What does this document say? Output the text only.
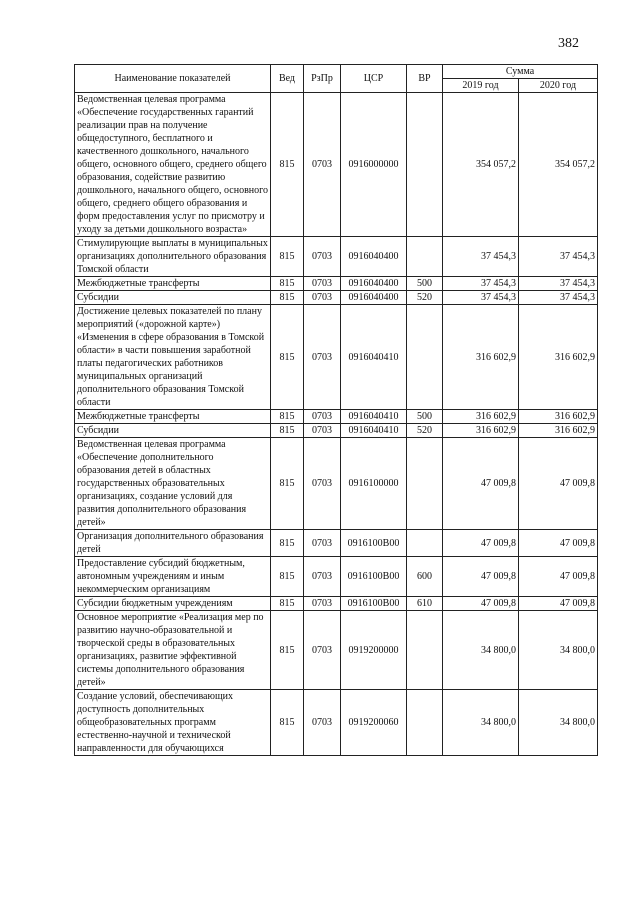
382
Наименование показателей	Вед	РзПр	ЦСР	ВР	Сумма	
					2019 год	2020 год
Ведомственная целевая программа «Обеспечение государственных гарантий реализации прав на получение общедоступного, бесплатного и качественного дошкольного, начального общего, основного общего, среднего общего образования, содействие развитию дошкольного, начального общего, основного общего, среднего общего образования и форм предоставления услуг по присмотру и уходу за детьми дошкольного возраста»	815	0703	0916000000		354 057,2	354 057,2
Стимулирующие выплаты в муниципальных организациях дополнительного образования Томской области	815	0703	0916040400		37 454,3	37 454,3
Межбюджетные трансферты	815	0703	0916040400	500	37 454,3	37 454,3
Субсидии	815	0703	0916040400	520	37 454,3	37 454,3
Достижение целевых показателей по плану мероприятий («дорожной карте») «Изменения в сфере образования в Томской области» в части повышения заработной платы педагогических работников муниципальных организаций дополнительного образования Томской области	815	0703	0916040410		316 602,9	316 602,9
Межбюджетные трансферты	815	0703	0916040410	500	316 602,9	316 602,9
Субсидии	815	0703	0916040410	520	316 602,9	316 602,9
Ведомственная целевая программа «Обеспечение дополнительного образования детей в областных государственных образовательных организациях, создание условий для развития дополнительного образования детей»	815	0703	0916100000		47 009,8	47 009,8
Организация дополнительного образования детей	815	0703	0916100В00		47 009,8	47 009,8
Предоставление субсидий бюджетным, автономным учреждениям и иным некоммерческим организациям	815	0703	0916100В00	600	47 009,8	47 009,8
Субсидии бюджетным учреждениям	815	0703	0916100В00	610	47 009,8	47 009,8
Основное мероприятие «Реализация мер по развитию научно-образовательной и творческой среды в образовательных организациях, развитие эффективной системы дополнительного образования детей»	815	0703	0919200000		34 800,0	34 800,0
Создание условий, обеспечивающих доступность дополнительных общеобразовательных программ естественно-научной и технической направленности для обучающихся	815	0703	0919200060		34 800,0	34 800,0
